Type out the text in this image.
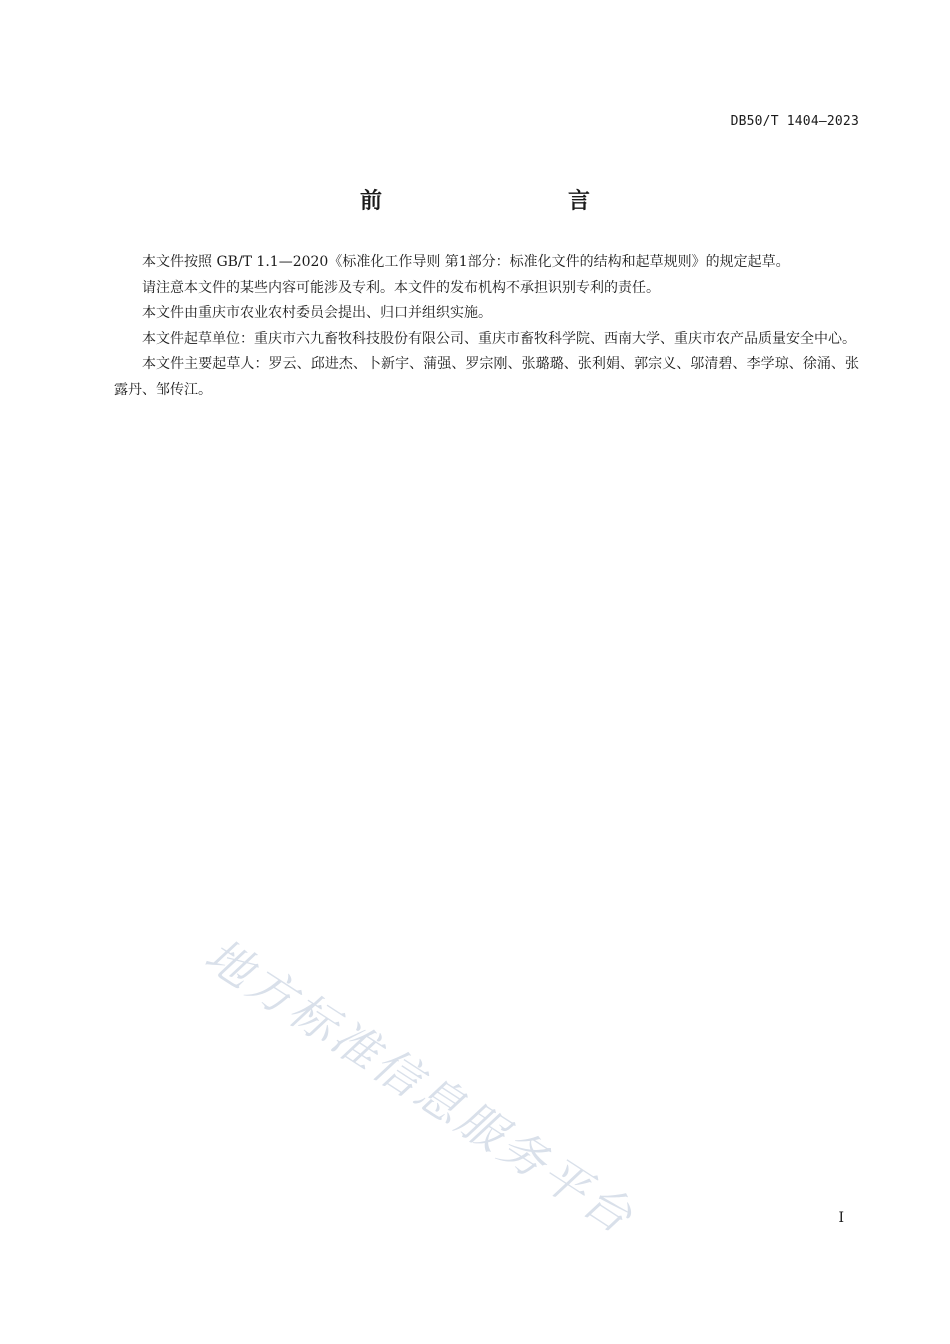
DB50/T 1404—2023
前　言

本文件按照 GB/T 1.1—2020《标准化工作导则 第1部分：标准化文件的结构和起草规则》的规定起草。

请注意本文件的某些内容可能涉及专利。本文件的发布机构不承担识别专利的责任。

本文件由重庆市农业农村委员会提出、归口并组织实施。

本文件起草单位：重庆市六九畜牧科技股份有限公司、重庆市畜牧科学院、西南大学、重庆市农产品质量安全中心。

本文件主要起草人：罗云、邱进杰、卜新宇、蒲强、罗宗刚、张璐璐、张利娟、郭宗义、邬清碧、李学琼、徐涌、张露丹、邹传江。

地方标准信息服务平台	I
